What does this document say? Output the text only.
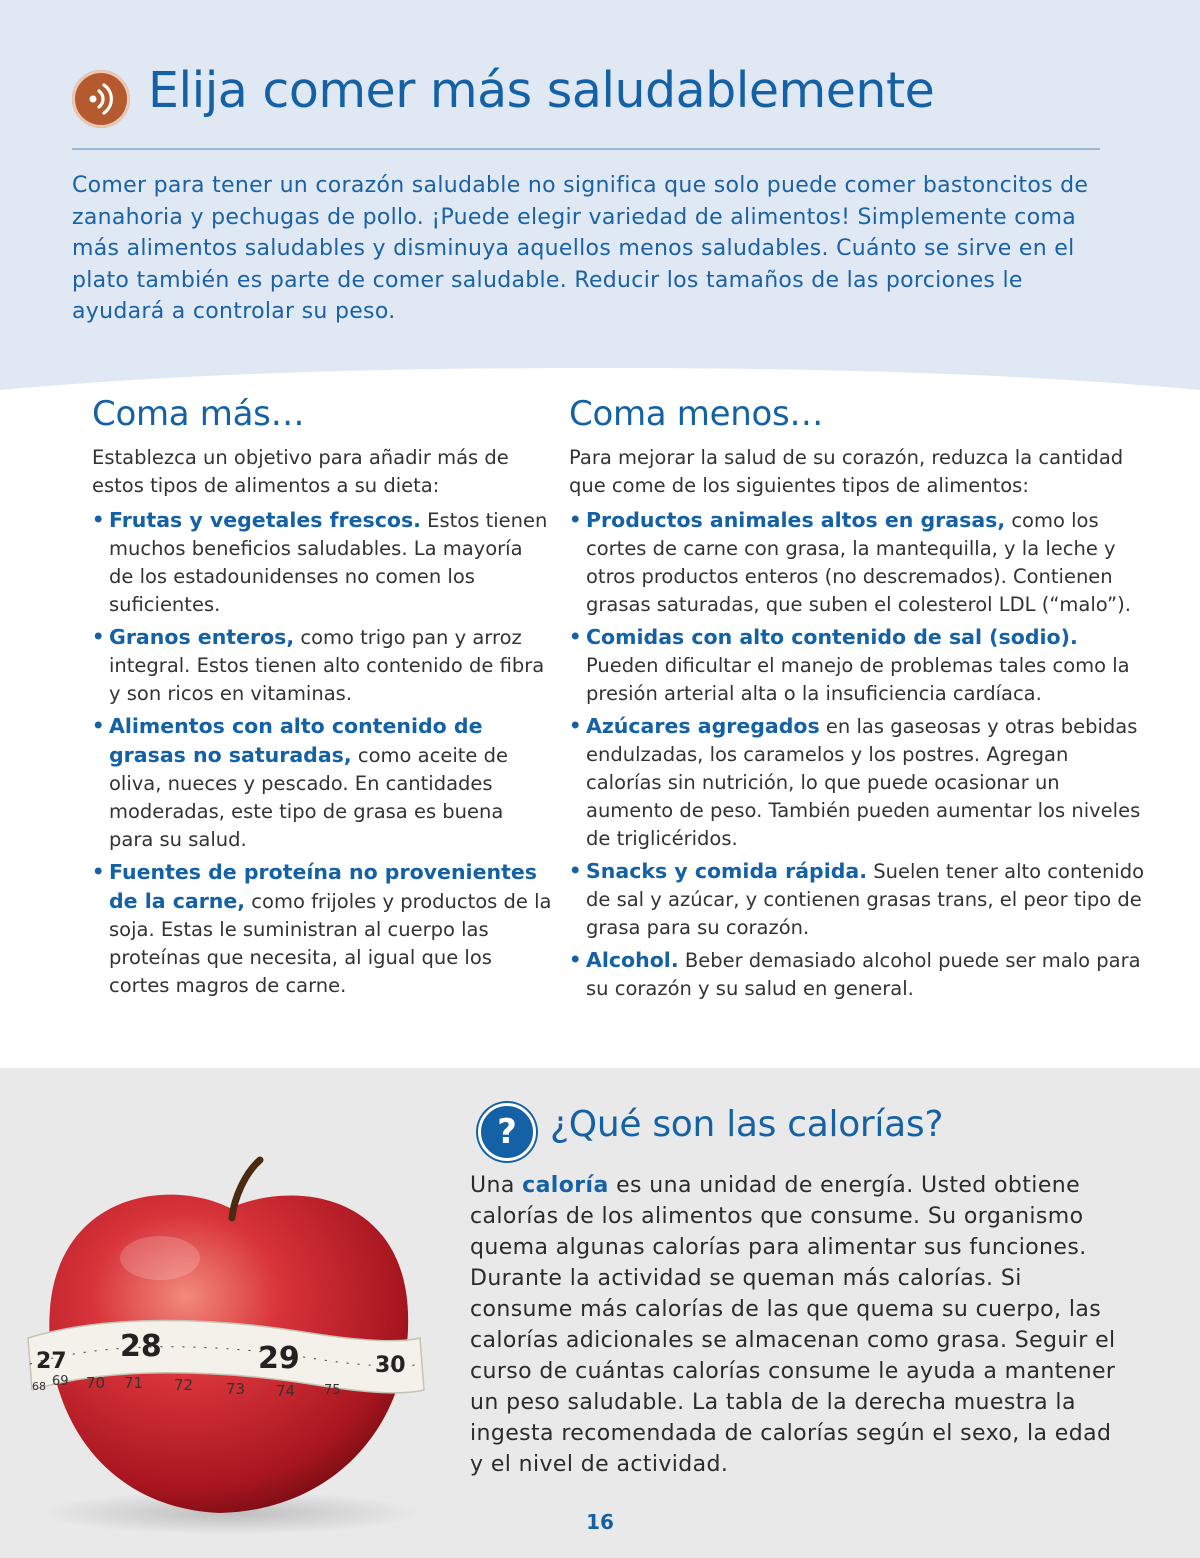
Elija comer más saludablemente

Comer para tener un corazón saludable no significa que solo puede comer bastoncitos de zanahoria y pechugas de pollo. ¡Puede elegir variedad de alimentos! Simplemente coma más alimentos saludables y disminuya aquellos menos saludables. Cuánto se sirve en el plato también es parte de comer saludable. Reducir los tamaños de las porciones le ayudará a controlar su peso.

Coma más…

Establezca un objetivo para añadir más de estos tipos de alimentos a su dieta:

• Frutas y vegetales frescos. Estos tienen muchos beneficios saludables. La mayoría de los estadounidenses no comen los suficientes.
• Granos enteros, como trigo pan y arroz integral. Estos tienen alto contenido de fibra y son ricos en vitaminas.
• Alimentos con alto contenido de grasas no saturadas, como aceite de oliva, nueces y pescado. En cantidades moderadas, este tipo de grasa es buena para su salud.
• Fuentes de proteína no provenientes de la carne, como frijoles y productos de la soja. Estas le suministran al cuerpo las proteínas que necesita, al igual que los cortes magros de carne.
Coma menos…

Para mejorar la salud de su corazón, reduzca la cantidad que come de los siguientes tipos de alimentos:

• Productos animales altos en grasas, como los cortes de carne con grasa, la mantequilla, y la leche y otros productos enteros (no descremados). Contienen grasas saturadas, que suben el colesterol LDL (“malo”).
• Comidas con alto contenido de sal (sodio). Pueden dificultar el manejo de problemas tales como la presión arterial alta o la insuficiencia cardíaca.
• Azúcares agregados en las gaseosas y otras bebidas endulzadas, los caramelos y los postres. Agregan calorías sin nutrición, lo que puede ocasionar un aumento de peso. También pueden aumentar los niveles de triglicéridos.
• Snacks y comida rápida. Suelen tener alto contenido de sal y azúcar, y contienen grasas trans, el peor tipo de grasa para su corazón.
• Alcohol. Beber demasiado alcohol puede ser malo para su corazón y su salud en general.
27 28	29	30
68 69 70 71 72 73 74 75
? ¿Qué son las calorías?

Una caloría es una unidad de energía. Usted obtiene calorías de los alimentos que consume. Su organismo quema algunas calorías para alimentar sus funciones. Durante la actividad se queman más calorías. Si consume más calorías de las que quema su cuerpo, las calorías adicionales se almacenan como grasa. Seguir el curso de cuántas calorías consume le ayuda a mantener un peso saludable. La tabla de la derecha muestra la ingesta recomendada de calorías según el sexo, la edad y el nivel de actividad.

16
